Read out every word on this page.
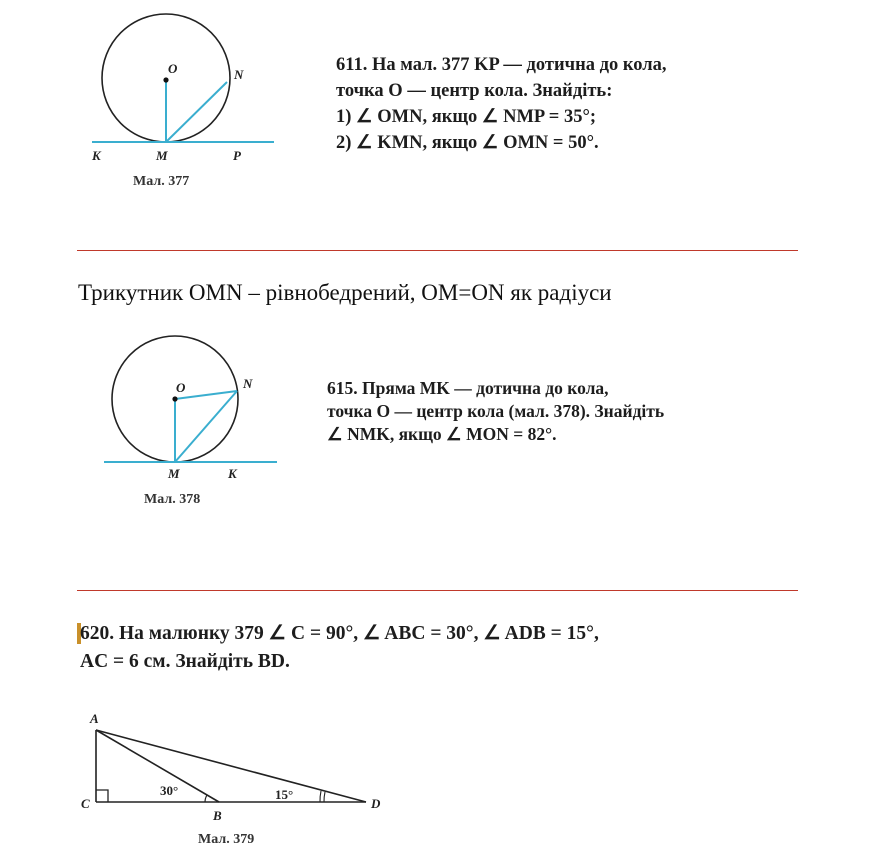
O	N
K	M	P
Мал. 377
611. На мал. 377 KP — дотична до кола,
точка O — центр кола. Знайдіть:
1) ∠ OMN, якщо ∠ NMP = 35°;
2) ∠ KMN, якщо ∠ OMN = 50°.
Трикутник OMN – рівнобедрений, OM=ON як радіуси
O	N
M	K
Мал. 378
615. Пряма MK — дотична до кола,
точка O — центр кола (мал. 378). Знайдіть
∠ NMK, якщо ∠ MON = 82°.
620. На малюнку 379 ∠ C = 90°, ∠ ABC = 30°, ∠ ADB = 15°,
AC = 6 см. Знайдіть BD.
A
C
B
D
30°	15°
Мал. 379
